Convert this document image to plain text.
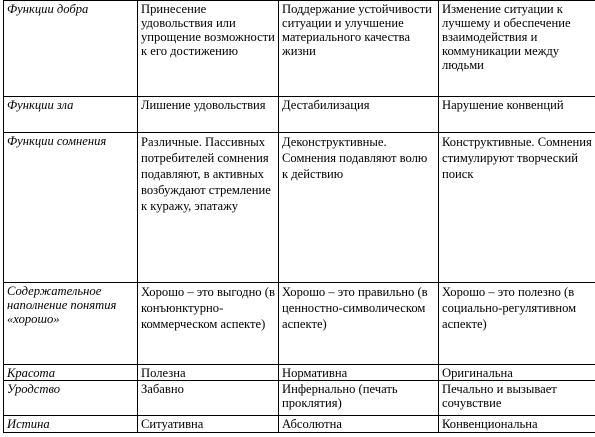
Функции добра	Принесение удовольствия или упрощение возможности к его достижению	Поддержание устойчивости ситуации и улучшение материального качества жизни	Изменение ситуации к лучшему и обеспечение взаимодействия и коммуникации между людьми
Функции зла	Лишение удовольствия	Дестабилизация	Нарушение конвенций
Функции сомнения	Различные. Пассивных потребителей сомнения подавляют, в активных возбуждают стремление к куражу, эпатажу	Деконструктивные. Сомнения подавляют волю к действию	Конструктивные. Сомнения стимулируют творческий поиск
Содержательное наполнение понятия «хорошо»	Хорошо – это выгодно (в конъюнктурно-коммерческом аспекте)	Хорошо – это правильно (в ценностно-символическом аспекте)	Хорошо – это полезно (в социально-регулятивном аспекте)
Красота	Полезна	Нормативна	Оригинальна
Уродство	Забавно	Инфернально (печать проклятия)	Печально и вызывает сочувствие
Истина	Ситуативна	Абсолютна	Конвенциональна
